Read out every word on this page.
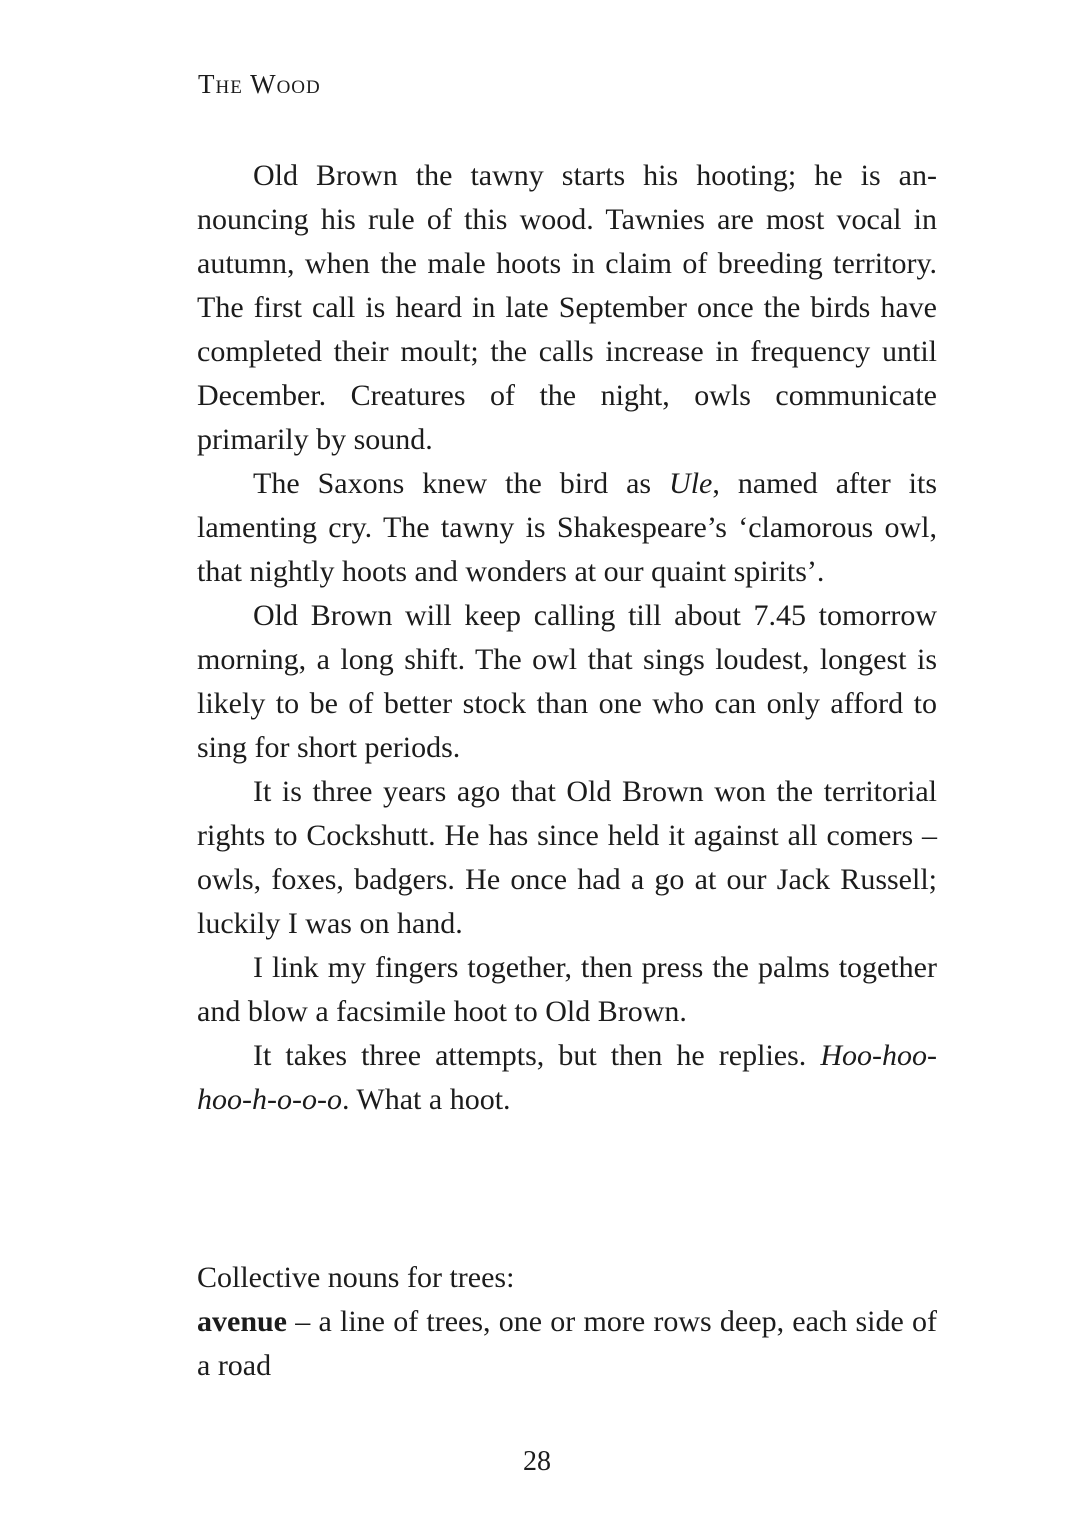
The Wood

Old Brown the tawny starts his hooting; he is announcing his rule of this wood. Tawnies are most vocal in autumn, when the male hoots in claim of breeding territory. The first call is heard in late September once the birds have completed their moult; the calls increase in frequency until December. Creatures of the night, owls communicate primarily by sound.

The Saxons knew the bird as Ule, named after its lamenting cry. The tawny is Shakespeare’s ‘clamorous owl, that nightly hoots and wonders at our quaint spirits’.

Old Brown will keep calling till about 7.45 tomorrow morning, a long shift. The owl that sings loudest, longest is likely to be of better stock than one who can only afford to sing for short periods.

It is three years ago that Old Brown won the territorial rights to Cockshutt. He has since held it against all comers – owls, foxes, badgers. He once had a go at our Jack Russell; luckily I was on hand.

I link my fingers together, then press the palms together and blow a facsimile hoot to Old Brown.

It takes three attempts, but then he replies. Hoo-hoo-hoo-h-o-o-o. What a hoot.

Collective nouns for trees:

avenue – a line of trees, one or more rows deep, each side of a road

28
